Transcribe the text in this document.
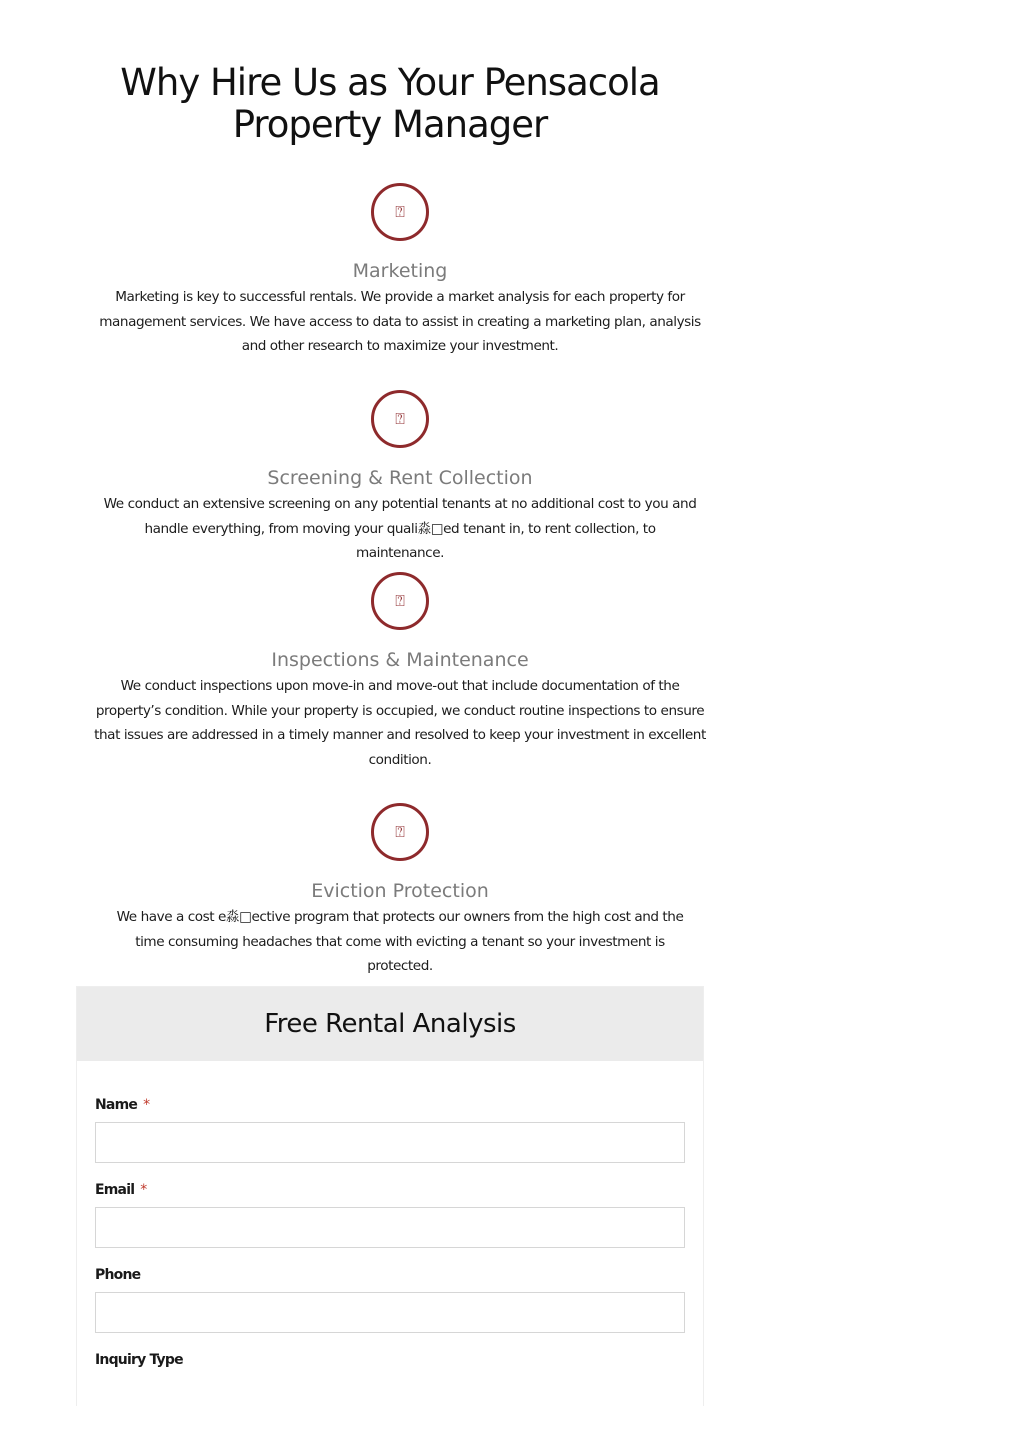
Why Hire Us as Your Pensacola
Property Manager
⍰
Marketing

Marketing is key to successful rentals. We provide a market analysis for each property for
management services. We have access to data to assist in creating a marketing plan, analysis
and other research to maximize your investment.

⍰
Screening & Rent Collection

We conduct an extensive screening on any potential tenants at no additional cost to you and
handle everything, from moving your quali淼□ed tenant in, to rent collection, to
maintenance.

⍰
Inspections & Maintenance

We conduct inspections upon move-in and move-out that include documentation of the
property’s condition. While your property is occupied, we conduct routine inspections to ensure
that issues are addressed in a timely manner and resolved to keep your investment in excellent
condition.

⍰
Eviction Protection

We have a cost e淼□ective program that protects our owners from the high cost and the
time consuming headaches that come with evicting a tenant so your investment is
protected.

Free Rental Analysis
Name *
Email *
Phone
Inquiry Type
